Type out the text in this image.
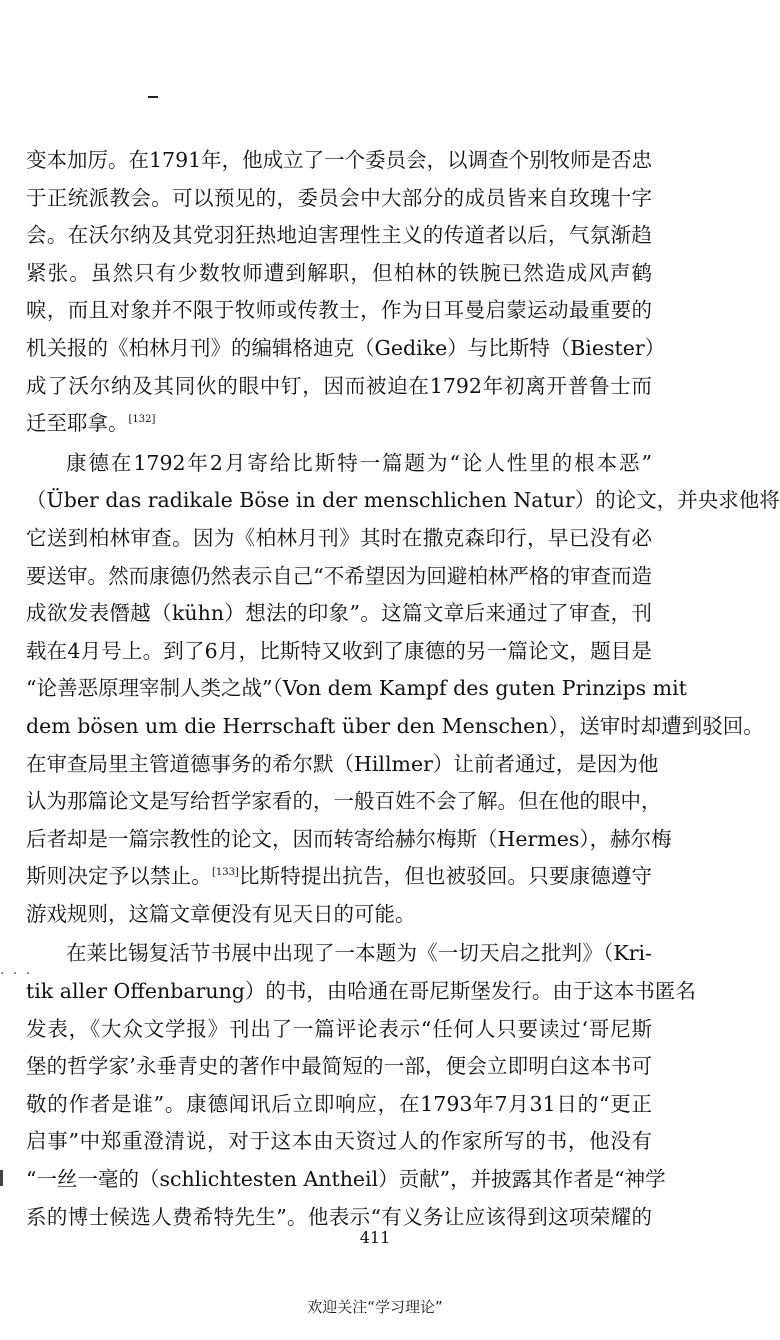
· · ·
变本加厉。在1791年，他成立了一个委员会，以调查个别牧师是否忠
于正统派教会。可以预见的，委员会中大部分的成员皆来自玫瑰十字
会。在沃尔纳及其党羽狂热地迫害理性主义的传道者以后，气氛渐趋
紧张。虽然只有少数牧师遭到解职，但柏林的铁腕已然造成风声鹤
唳，而且对象并不限于牧师或传教士，作为日耳曼启蒙运动最重要的
机关报的《柏林月刊》的编辑格迪克（Gedike）与比斯特（Biester）
成了沃尔纳及其同伙的眼中钉，因而被迫在1792年初离开普鲁士而
迁至耶拿。[132]
康德在1792年2月寄给比斯特一篇题为“论人性里的根本恶”
（Über das radikale Böse in der menschlichen Natur）的论文，并央求他将
它送到柏林审查。因为《柏林月刊》其时在撒克森印行，早已没有必
要送审。然而康德仍然表示自己“不希望因为回避柏林严格的审查而造
成欲发表僭越（kühn）想法的印象”。这篇文章后来通过了审查，刊
载在4月号上。到了6月，比斯特又收到了康德的另一篇论文，题目是
“论善恶原理宰制人类之战”（Von dem Kampf des guten Prinzips mit
dem bösen um die Herrschaft über den Menschen），送审时却遭到驳回。
在审查局里主管道德事务的希尔默（Hillmer）让前者通过，是因为他
认为那篇论文是写给哲学家看的，一般百姓不会了解。但在他的眼中，
后者却是一篇宗教性的论文，因而转寄给赫尔梅斯（Hermes），赫尔梅
斯则决定予以禁止。[133]比斯特提出抗告，但也被驳回。只要康德遵守
游戏规则，这篇文章便没有见天日的可能。
在莱比锡复活节书展中出现了一本题为《一切天启之批判》（Kri-
tik aller Offenbarung）的书，由哈通在哥尼斯堡发行。由于这本书匿名
发表，《大众文学报》刊出了一篇评论表示“任何人只要读过‘哥尼斯
堡的哲学家’永垂青史的著作中最简短的一部，便会立即明白这本书可
敬的作者是谁”。康德闻讯后立即响应，在1793年7月31日的“更正
启事”中郑重澄清说，对于这本由天资过人的作家所写的书，他没有
“一丝一毫的（schlichtesten Antheil）贡献”，并披露其作者是“神学
系的博士候选人费希特先生”。他表示“有义务让应该得到这项荣耀的
411
欢迎关注“学习理论”
